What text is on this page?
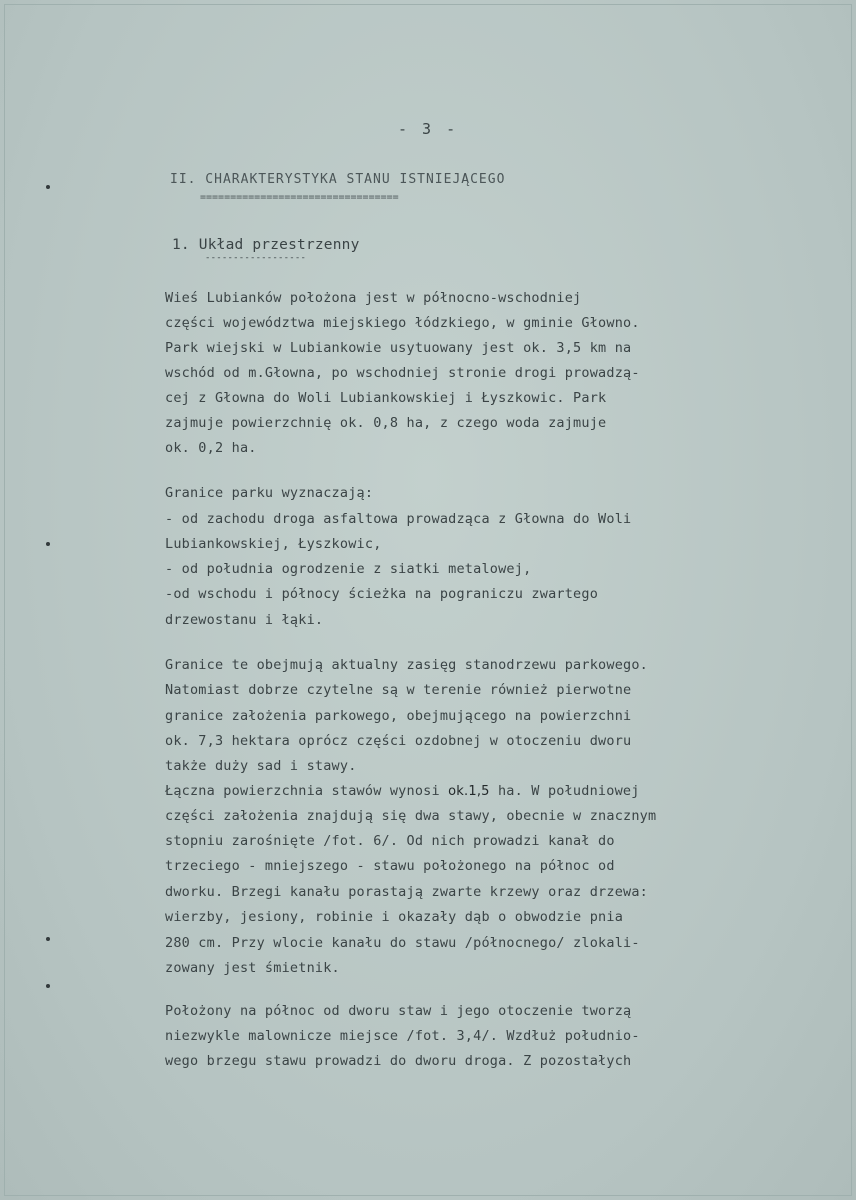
- 3 -
II. CHARAKTERYSTYKA STANU ISTNIEJĄCEGO
=================================
1. Układ przestrzenny
------------------
Wieś Lubianków położona jest w północno-wschodniej
części województwa miejskiego łódzkiego, w gminie Głowno.
Park wiejski w Lubiankowie usytuowany jest ok. 3,5 km na
wschód od m.Głowna, po wschodniej stronie drogi prowadzą-
cej z Głowna do Woli Lubiankowskiej i Łyszkowic. Park
zajmuje powierzchnię ok. 0,8 ha, z czego woda zajmuje
ok. 0,2 ha.
Granice parku wyznaczają:
- od zachodu droga asfaltowa prowadząca z Głowna do Woli
Lubiankowskiej, Łyszkowic,
- od południa ogrodzenie z siatki metalowej,
-od wschodu i północy ścieżka na pograniczu zwartego
drzewostanu i łąki.
Granice te obejmują aktualny zasięg stanodrzewu parkowego.
Natomiast dobrze czytelne są w terenie również pierwotne
granice założenia parkowego, obejmującego na powierzchni
ok. 7,3 hektara oprócz części ozdobnej w otoczeniu dworu
także duży sad i stawy.
Łączna powierzchnia stawów wynosi ok.1,5 ha. W południowej
części założenia znajdują się dwa stawy, obecnie w znacznym
stopniu zarośnięte /fot. 6/. Od nich prowadzi kanał do
trzeciego - mniejszego - stawu położonego na północ od
dworku. Brzegi kanału porastają zwarte krzewy oraz drzewa:
wierzby, jesiony, robinie i okazały dąb o obwodzie pnia
280 cm. Przy wlocie kanału do stawu /północnego/ zlokali-
zowany jest śmietnik.
Położony na północ od dworu staw i jego otoczenie tworzą
niezwykle malownicze miejsce /fot. 3,4/. Wzdłuż południo-
wego brzegu stawu prowadzi do dworu droga. Z pozostałych
